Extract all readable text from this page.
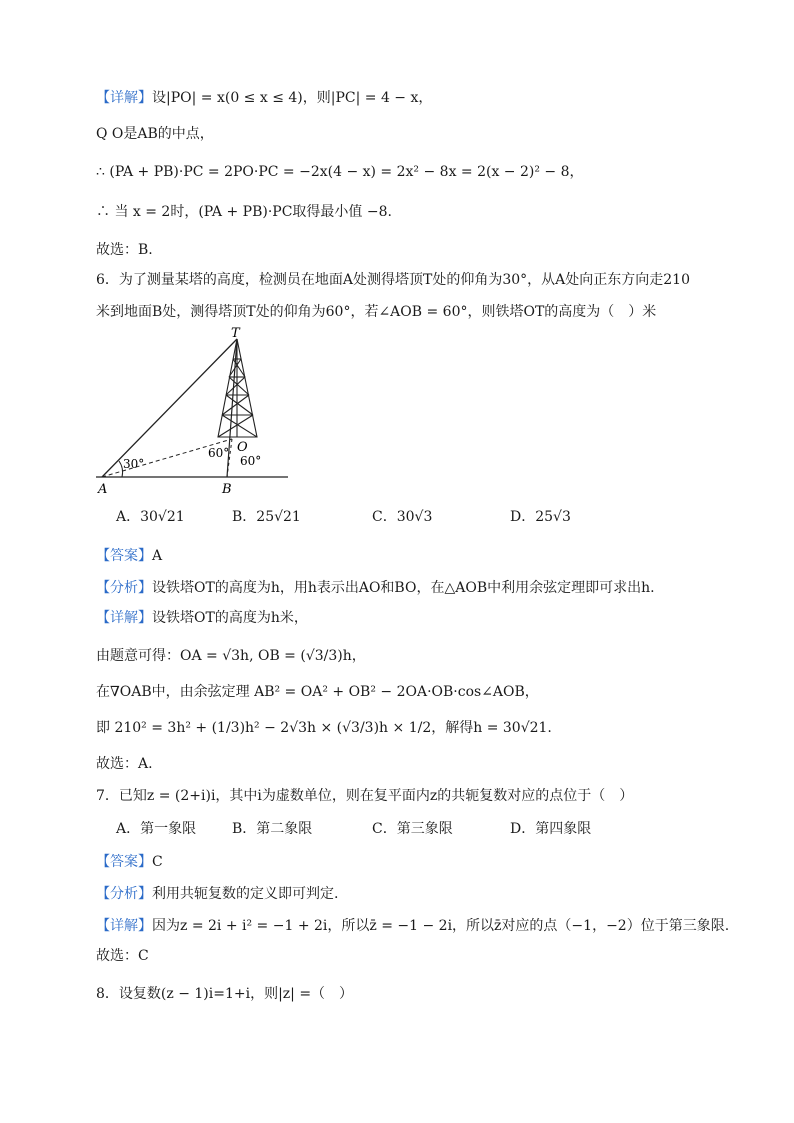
【详解】设|PO| = x(0 ≤ x ≤ 4)，则|PC| = 4 − x，
Q O是AB的中点，
∴ (PA + PB)·PC = 2PO·PC = −2x(4 − x) = 2x² − 8x = 2(x − 2)² − 8，
∴ 当 x = 2时，(PA + PB)·PC取得最小值 −8.
故选：B.
6．为了测量某塔的高度，检测员在地面A处测得塔顶T处的仰角为30°，从A处向正东方向走210
米到地面B处，测得塔顶T处的仰角为60°，若∠AOB = 60°，则铁塔OT的高度为（　）米
T
O
A	B
30°
60°
60°
A．30√21	B．25√21	C．30√3	D．25√3
【答案】A
【分析】设铁塔OT的高度为h，用h表示出AO和BO，在△AOB中利用余弦定理即可求出h.
【详解】设铁塔OT的高度为h米，
由题意可得：OA = √3h, OB = (√3/3)h，
在∇OAB中，由余弦定理 AB² = OA² + OB² − 2OA·OB·cos∠AOB，
即 210² = 3h² + (1/3)h² − 2√3h × (√3/3)h × 1/2，解得h = 30√21.
故选：A.
7．已知z = (2+i)i，其中i为虚数单位，则在复平面内z的共轭复数对应的点位于（　）
A．第一象限	B．第二象限	C．第三象限	D．第四象限
【答案】C
【分析】利用共轭复数的定义即可判定.
【详解】因为z = 2i + i² = −1 + 2i，所以z̄ = −1 − 2i，所以z̄对应的点（−1，−2）位于第三象限.
故选：C
8．设复数(z − 1)i=1+i，则|z| =（　）
